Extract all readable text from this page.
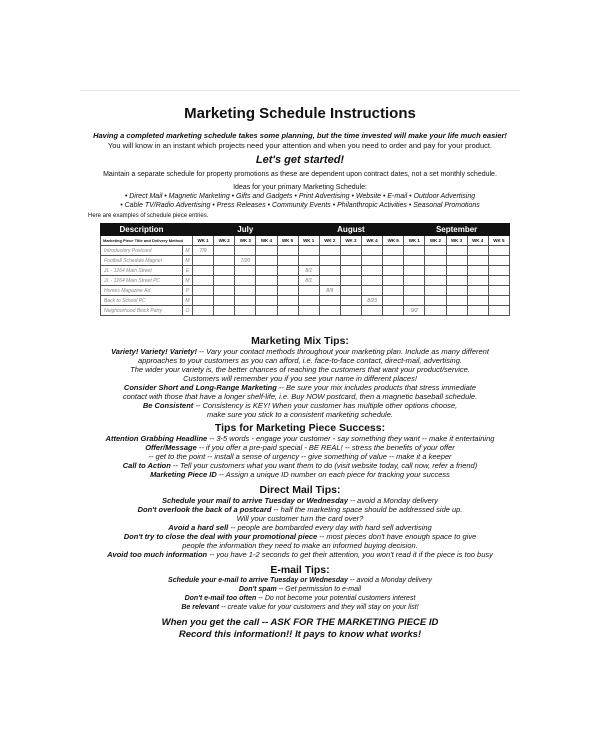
Marketing Schedule Instructions
Having a completed marketing schedule takes some planning, but the time invested will make your life much easier!
You will know in an instant which projects need your attention and when you need to order and pay for your product.
Let's get started!
Maintain a separate schedule for property promotions as these are dependent upon contract dates, not a set monthly schedule.
Ideas for your primary Marketing Schedule:
• Direct Mail • Magnetic Marketing • Gifts and Gadgets • Print Advertising • Website • E-mail • Outdoor Advertising
• Cable TV/Radio Advertising • Press Releases • Community Events • Philanthropic Activities • Seasonal Promotions
Here are examples of schedule piece entries.
Description		July					August					September				
Marketing Piece Title and Delivery Method		WK 1	WK 2	WK 3	WK 4	WK 5	WK 1	WK 2	WK 3	WK 4	WK 5	WK 1	WK 2	WK 3	WK 4	WK 5
Introductory Postcard	M	7/9														
Football Schedule Magnet	M			7/20												
JL - 1264 Main Street	E						8/1									
JL - 1264 Main Street PC	M						8/1									
Homes Magazine Ad	P							8/9								
Back to School PC	M									8/23						
Neighborhood Block Party	O											9/2				
Marketing Mix Tips:
Variety! Variety! Variety! -- Vary your contact methods throughout your marketing plan. Include as many different
approaches to your customers as you can afford, i.e. face-to-face contact, direct-mail, advertising.
The wider your variety is, the better chances of reaching the customers that want your product/service.
Customers will remember you if you see your name in different places!
Consider Short and Long-Range Marketing -- Be sure your mix includes products that stress immediate
contact with those that have a longer shelf-life, i.e. Buy NOW postcard, then a magnetic baseball schedule.
Be Consistent -- Consistency is KEY! When your customer has multiple other options choose,
make sure you stick to a consistent marketing schedule.
Tips for Marketing Piece Success:
Attention Grabbing Headline -- 3-5 words - engage your customer - say something they want -- make it entertaining
Offer/Message -- if you offer a pre-paid special - BE REAL! -- stress the benefits of your offer
-- get to the point -- install a sense of urgency -- give something of value -- make it a keeper
Call to Action -- Tell your customers what you want them to do (visit website today, call now, refer a friend)
Marketing Piece ID -- Assign a unique ID number on each piece for tracking your success
Direct Mail Tips:
Schedule your mail to arrive Tuesday or Wednesday -- avoid a Monday delivery
Don't overlook the back of a postcard -- half the marketing space should be addressed side up.
Will your customer turn the card over?
Avoid a hard sell -- people are bombarded every day with hard sell advertising
Don't try to close the deal with your promotional piece -- most pieces don't have enough space to give
people the information they need to make an informed buying decision.
Avoid too much information -- you have 1-2 seconds to get their attention, you won't read it if the piece is too busy
E-mail Tips:
Schedule your e-mail to arrive Tuesday or Wednesday -- avoid a Monday delivery
Don't spam -- Get permission to e-mail
Don't e-mail too often -- Do not become your potential customers interest
Be relevant -- create value for your customers and they will stay on your list!
When you get the call -- ASK FOR THE MARKETING PIECE ID
Record this information!! It pays to know what works!
